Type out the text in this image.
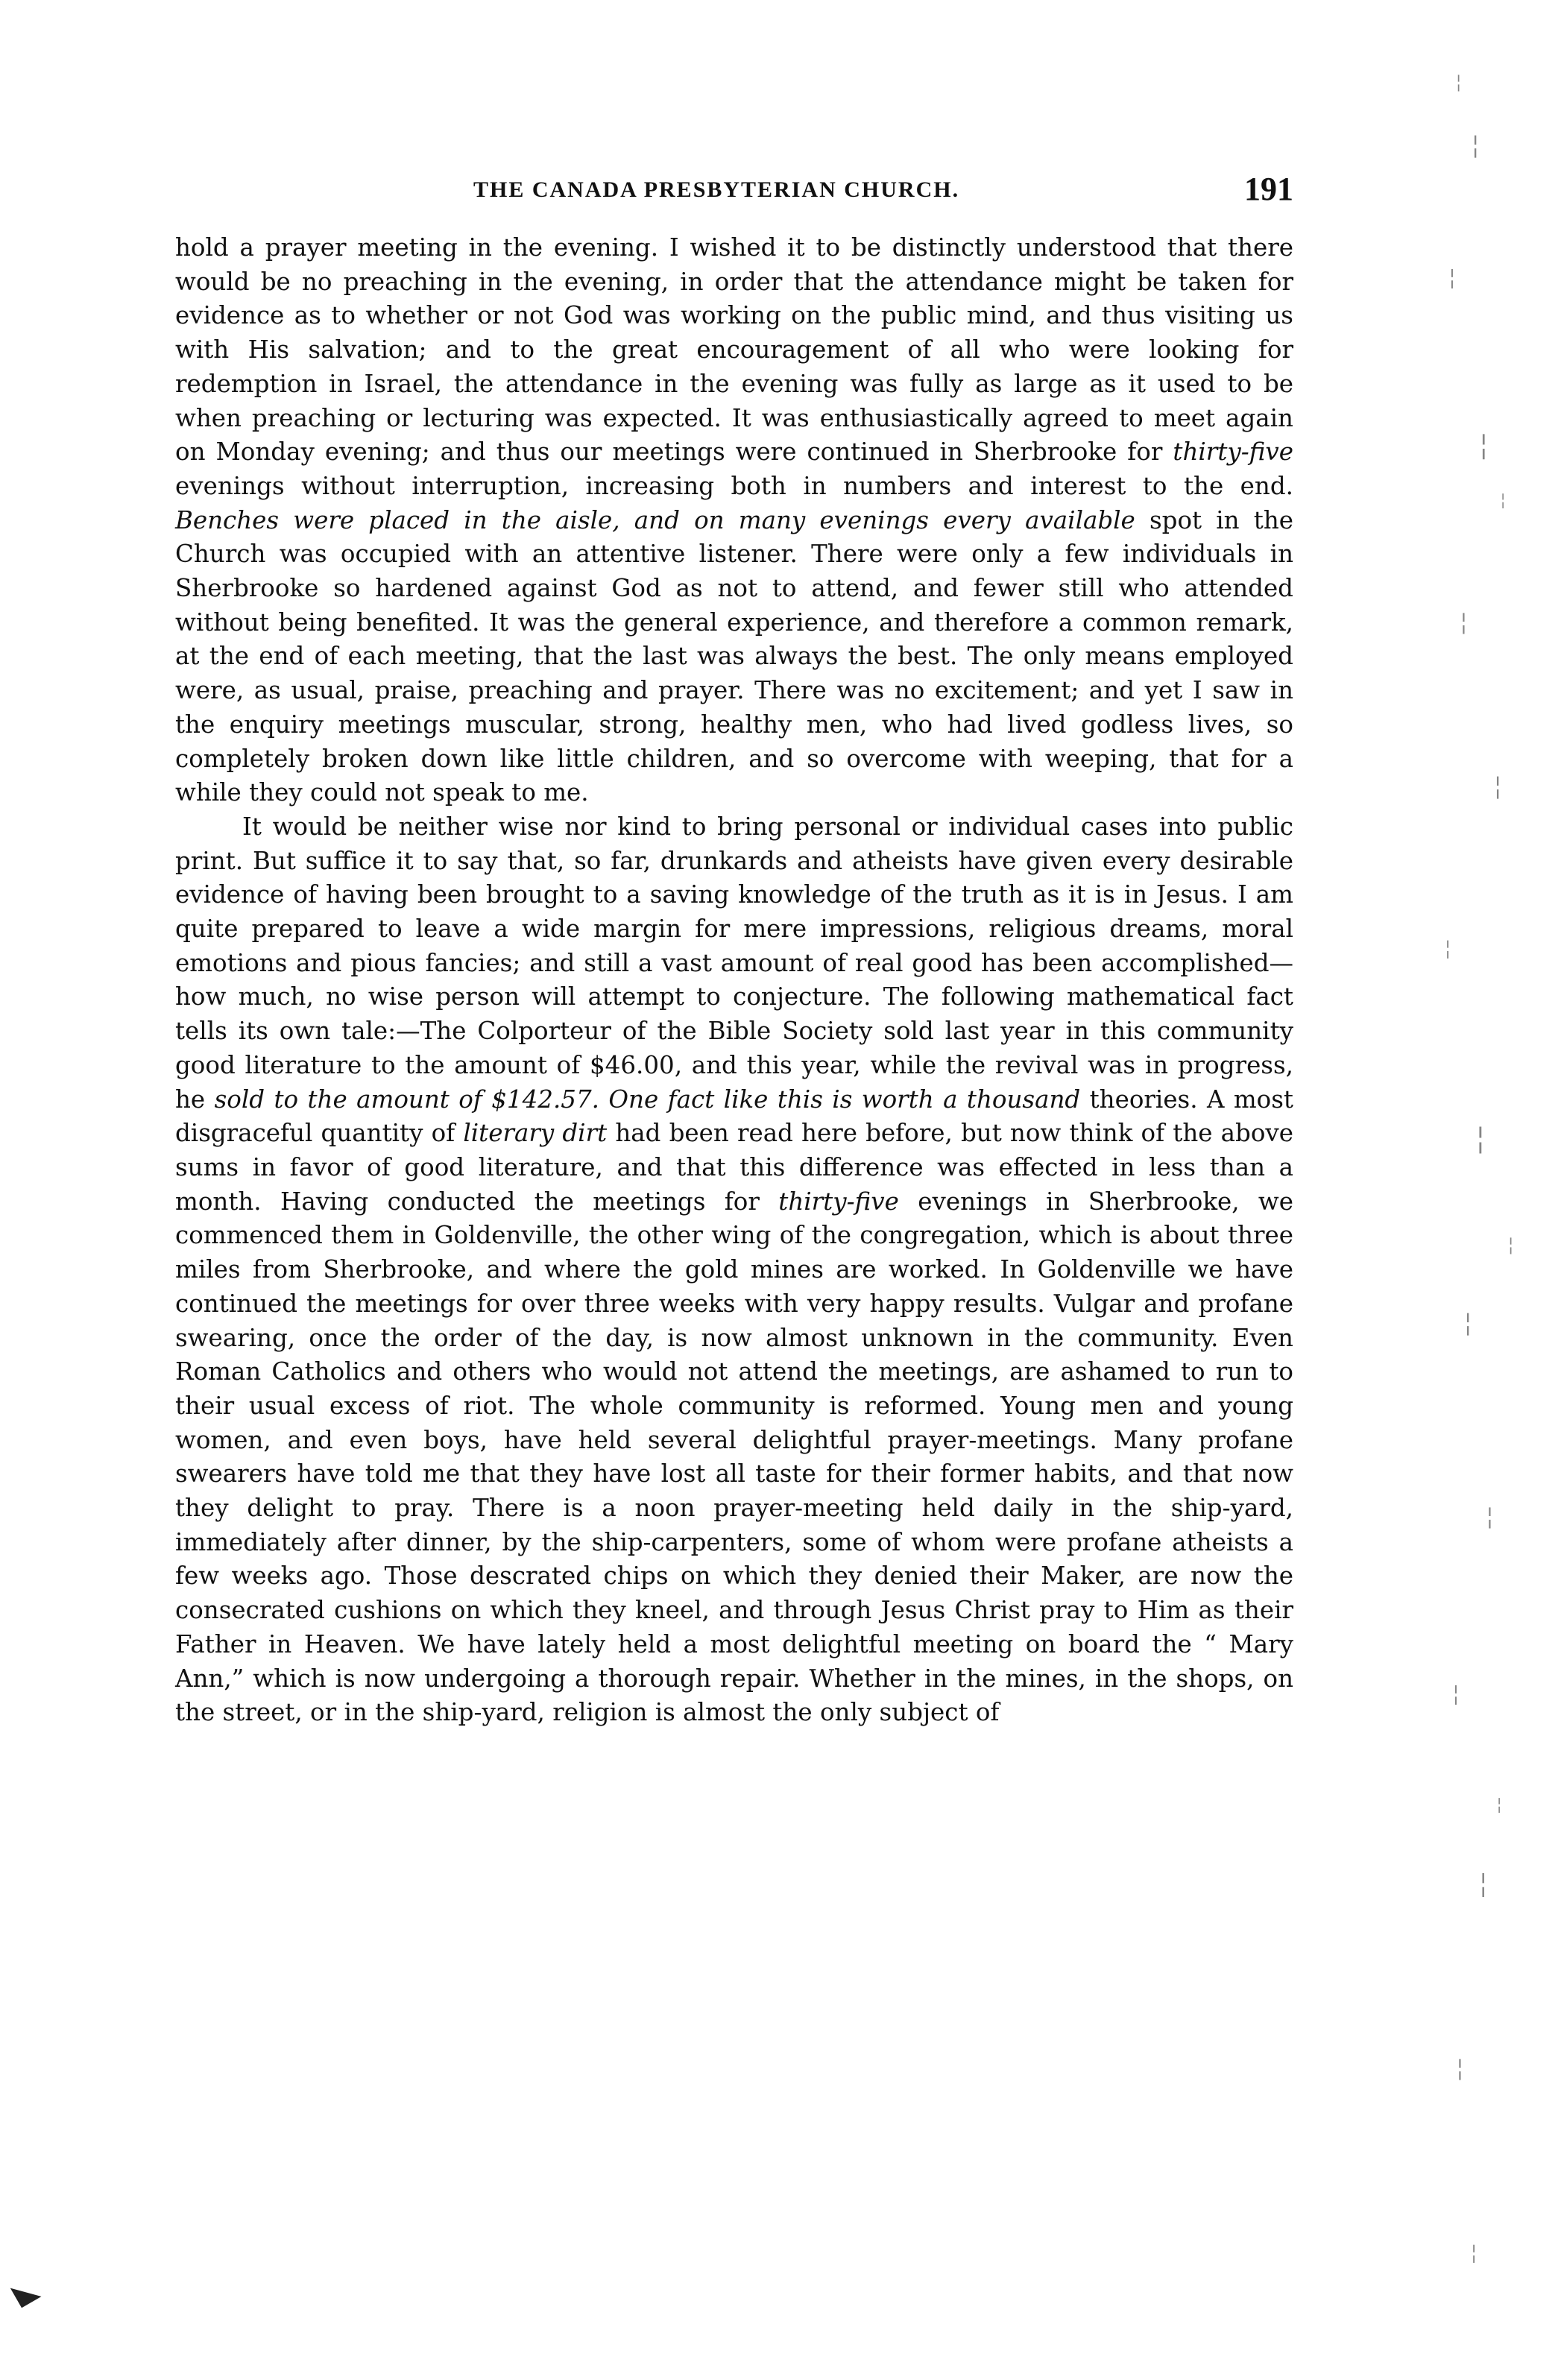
THE CANADA PRESBYTERIAN CHURCH.	191

hold a prayer meeting in the evening. I wished it to be distinctly understood that there would be no preaching in the evening, in order that the attendance might be taken for evidence as to whether or not God was working on the public mind, and thus visiting us with His salvation; and to the great encouragement of all who were looking for redemption in Israel, the attendance in the evening was fully as large as it used to be when preaching or lecturing was expected. It was enthusiastically agreed to meet again on Monday evening; and thus our meetings were continued in Sherbrooke for thirty-five evenings without interruption, increasing both in numbers and interest to the end. Benches were placed in the aisle, and on many evenings every available spot in the Church was occupied with an attentive listener. There were only a few individuals in Sherbrooke so hardened against God as not to attend, and fewer still who attended without being benefited. It was the general experience, and therefore a common remark, at the end of each meeting, that the last was always the best. The only means employed were, as usual, praise, preaching and prayer. There was no excitement; and yet I saw in the enquiry meetings muscular, strong, healthy men, who had lived godless lives, so completely broken down like little children, and so overcome with weeping, that for a while they could not speak to me.

It would be neither wise nor kind to bring personal or individual cases into public print. But suffice it to say that, so far, drunkards and atheists have given every desirable evidence of having been brought to a saving knowledge of the truth as it is in Jesus. I am quite prepared to leave a wide margin for mere impressions, religious dreams, moral emotions and pious fancies; and still a vast amount of real good has been accomplished—how much, no wise person will attempt to conjecture. The following mathematical fact tells its own tale:—The Colporteur of the Bible Society sold last year in this community good literature to the amount of $46.00, and this year, while the revival was in progress, he sold to the amount of $142.57. One fact like this is worth a thousand theories. A most disgraceful quantity of literary dirt had been read here before, but now think of the above sums in favor of good literature, and that this difference was effected in less than a month. Having conducted the meetings for thirty-five evenings in Sherbrooke, we commenced them in Goldenville, the other wing of the congregation, which is about three miles from Sherbrooke, and where the gold mines are worked. In Goldenville we have continued the meetings for over three weeks with very happy results. Vulgar and profane swearing, once the order of the day, is now almost unknown in the community. Even Roman Catholics and others who would not attend the meetings, are ashamed to run to their usual excess of riot. The whole community is reformed. Young men and young women, and even boys, have held several delightful prayer-meetings. Many profane swearers have told me that they have lost all taste for their former habits, and that now they delight to pray. There is a noon prayer-meeting held daily in the ship-yard, immediately after dinner, by the ship-carpenters, some of whom were profane atheists a few weeks ago. Those descrated chips on which they denied their Maker, are now the consecrated cushions on which they kneel, and through Jesus Christ pray to Him as their Father in Heaven. We have lately held a most delightful meeting on board the “ Mary Ann,” which is now undergoing a thorough repair. Whether in the mines, in the shops, on the street, or in the ship-yard, religion is almost the only subject of

╎
╎
╎
╎
╎
╎
╎
╎
╎
╎
╎
╎
╎
╎
╎
╎
╎
◣
